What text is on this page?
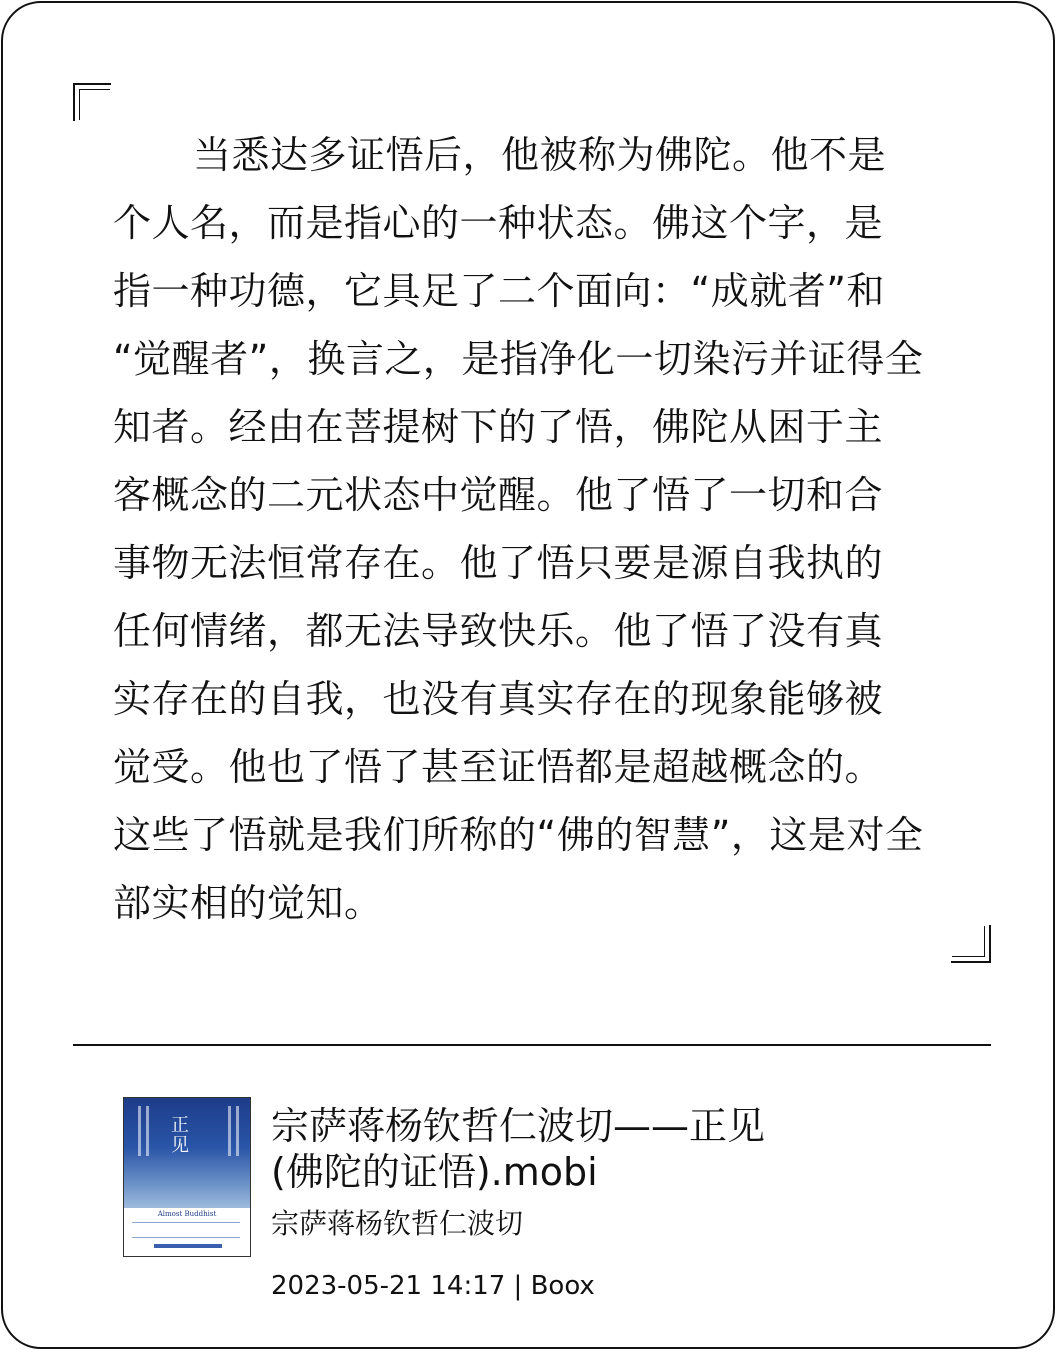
当悉达多证悟后，他被称为佛陀。他不是
个人名，而是指心的一种状态。佛这个字，是
指一种功德，它具足了二个面向：“成就者”和
“觉醒者”，换言之，是指净化一切染污并证得全
知者。经由在菩提树下的了悟，佛陀从困于主
客概念的二元状态中觉醒。他了悟了一切和合
事物无法恒常存在。他了悟只要是源自我执的
任何情绪，都无法导致快乐。他了悟了没有真
实存在的自我，也没有真实存在的现象能够被
觉受。他也了悟了甚至证悟都是超越概念的。
这些了悟就是我们所称的“佛的智慧”，这是对全
部实相的觉知。

正见
Almost Buddhist

宗萨蒋杨钦哲仁波切——正见
(佛陀的证悟).mobi

宗萨蒋杨钦哲仁波切
2023-05-21 14:17 | Boox
